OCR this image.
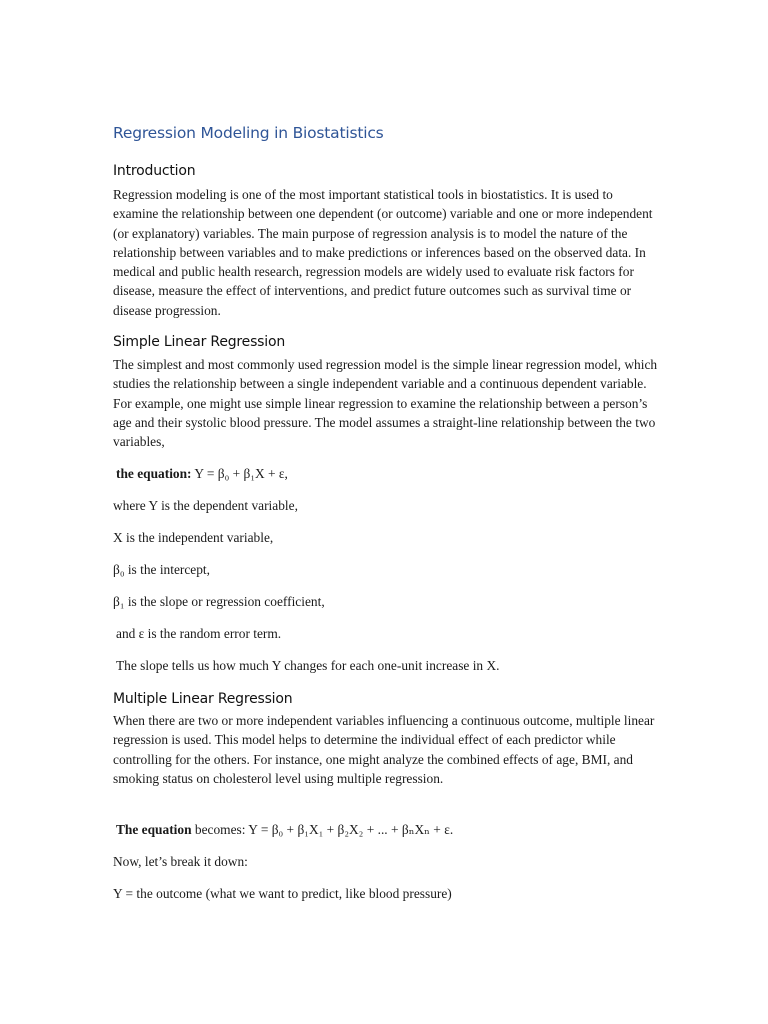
Regression Modeling in Biostatistics
Introduction

Regression modeling is one of the most important statistical tools in biostatistics. It is used to examine the relationship between one dependent (or outcome) variable and one or more independent (or explanatory) variables. The main purpose of regression analysis is to model the nature of the relationship between variables and to make predictions or inferences based on the observed data. In medical and public health research, regression models are widely used to evaluate risk factors for disease, measure the effect of interventions, and predict future outcomes such as survival time or disease progression.

Simple Linear Regression

The simplest and most commonly used regression model is the simple linear regression model, which studies the relationship between a single independent variable and a continuous dependent variable. For example, one might use simple linear regression to examine the relationship between a person’s age and their systolic blood pressure. The model assumes a straight-line relationship between the two variables,

the equation: Y = β₀ + β₁X + ε,

where Y is the dependent variable,

X is the independent variable,

β₀ is the intercept,

β₁ is the slope or regression coefficient,

and ε is the random error term.

The slope tells us how much Y changes for each one-unit increase in X.

Multiple Linear Regression

When there are two or more independent variables influencing a continuous outcome, multiple linear regression is used. This model helps to determine the individual effect of each predictor while controlling for the others. For instance, one might analyze the combined effects of age, BMI, and smoking status on cholesterol level using multiple regression.

The equation becomes: Y = β₀ + β₁X₁ + β₂X₂ + ... + βₙXₙ + ε.

Now, let’s break it down:

Y = the outcome (what we want to predict, like blood pressure)
